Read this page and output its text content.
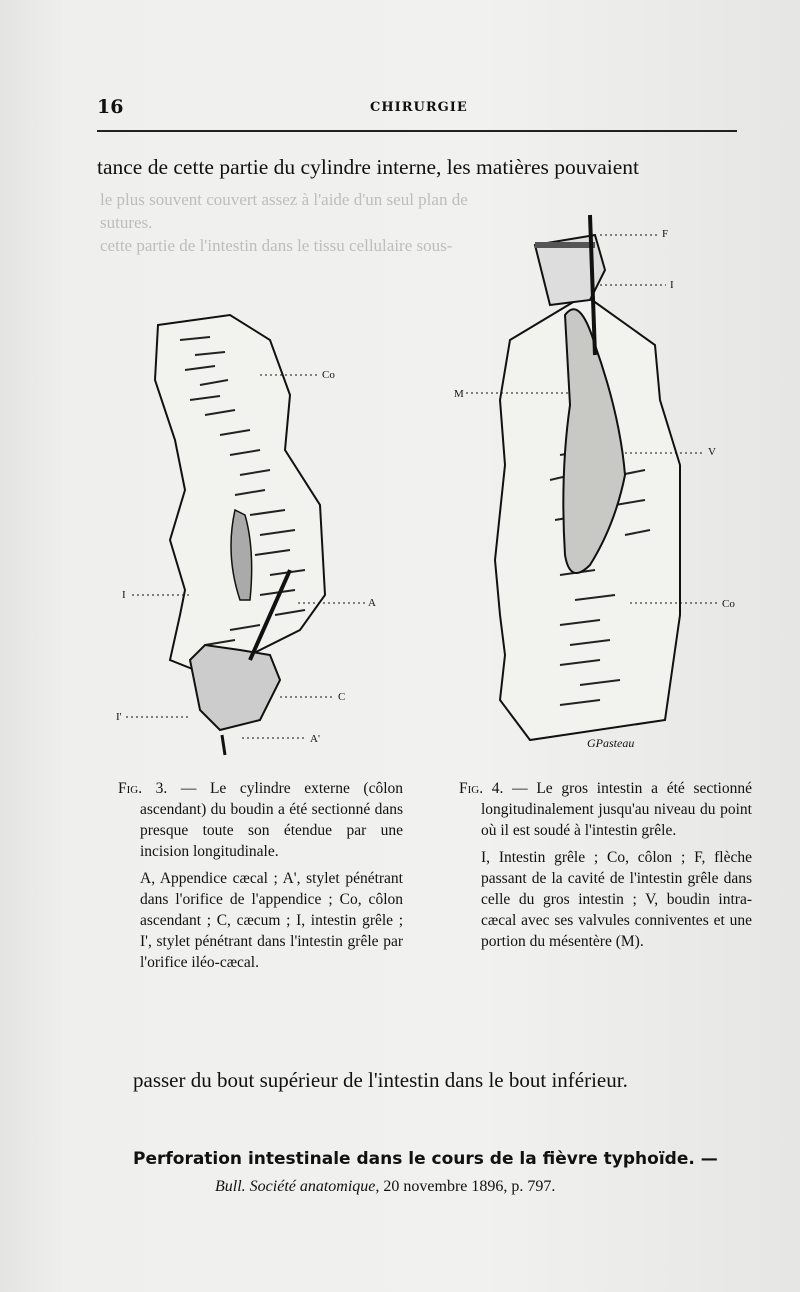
16	CHIRURGIE
tance de cette partie du cylindre interne, les matières pouvaient
le plus souvent couvert assez à l'aide d'un seul plan de
sutures.
cette partie de l'intestin dans le tissu cellulaire sous-
Co
A
I
C
I'
A'
F
I
M
V
Co
GPasteau

Fig. 3. — Le cylindre externe (côlon ascendant) du boudin a été sectionné dans presque toute son étendue par une incision longitudinale.

A, Appendice cæcal ; A', stylet pénétrant dans l'orifice de l'appendice ; Co, côlon ascendant ; C, cæcum ; I, intestin grêle ; I', stylet pénétrant dans l'intestin grêle par l'orifice iléo-cæcal.

Fig. 4. — Le gros intestin a été sectionné longitudinalement jusqu'au niveau du point où il est soudé à l'intestin grêle.

I, Intestin grêle ; Co, côlon ; F, flèche passant de la cavité de l'intestin grêle dans celle du gros intestin ; V, boudin intra-cæcal avec ses valvules conniventes et une portion du mésentère (M).

passer du bout supérieur de l'intestin dans le bout inférieur.
Perforation intestinale dans le cours de la fièvre typhoïde. —
Bull. Société anatomique, 20 novembre 1896, p. 797.
